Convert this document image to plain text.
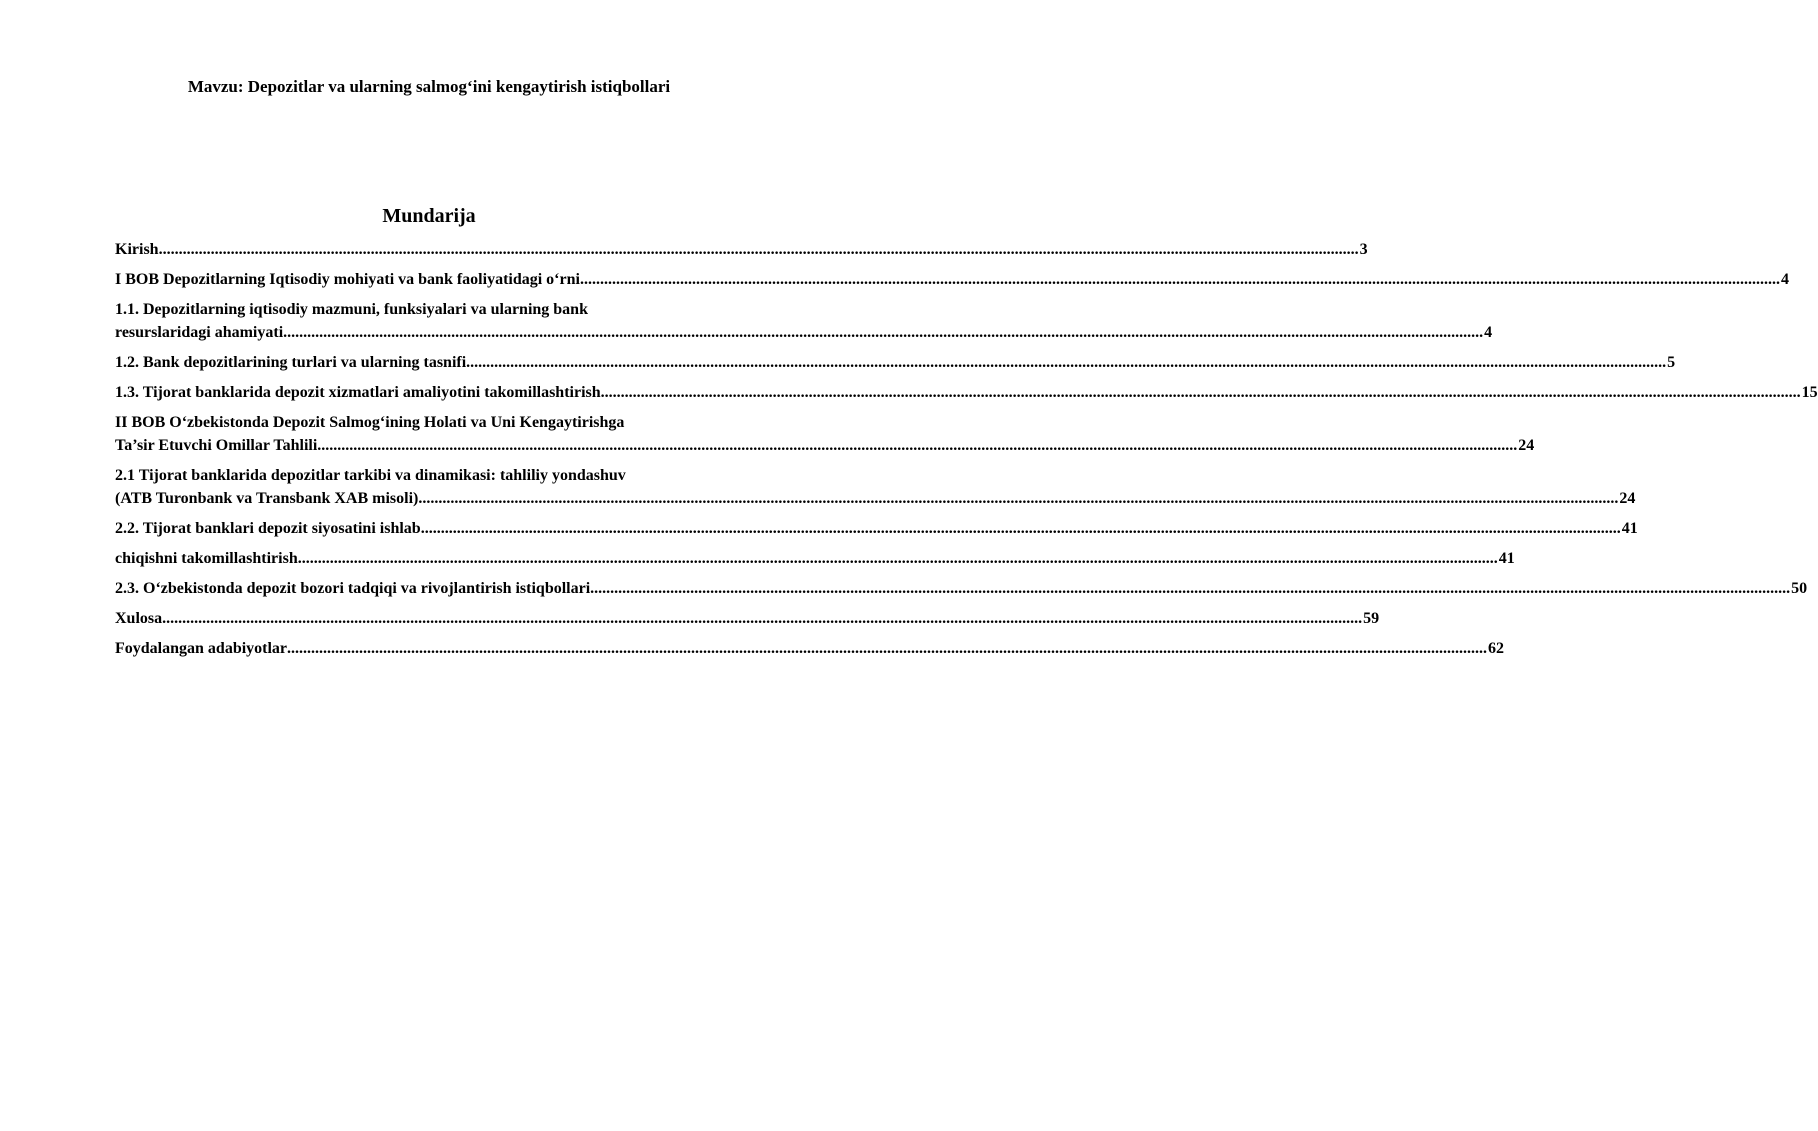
Mavzu: Depozitlar va ularning salmog‘ini kengaytirish istiqbollari
Mundarija
Kirish ............................................................................................................................................................................................................................................................................................................ 3
I BOB Depozitlarning Iqtisodiy mohiyati va bank faoliyatidagi o‘rni ............................................................................................................................................................................................................................................................................................................ 4
1.1. Depozitlarning iqtisodiy mazmuni, funksiyalari va ularning bank
resurslaridagi ahamiyati ............................................................................................................................................................................................................................................................................................................ 4
1.2. Bank depozitlarining turlari va ularning tasnifi ............................................................................................................................................................................................................................................................................................................ 5
1.3. Tijorat banklarida depozit xizmatlari amaliyotini takomillashtirish ............................................................................................................................................................................................................................................................................................................ 15
II BOB O‘zbekistonda Depozit Salmog‘ining Holati va Uni Kengaytirishga
Ta’sir Etuvchi Omillar Tahlili ............................................................................................................................................................................................................................................................................................................ 24
2.1 Tijorat banklarida depozitlar tarkibi va dinamikasi: tahliliy yondashuv
(ATB Turonbank va Transbank XAB misoli) ............................................................................................................................................................................................................................................................................................................ 24
2.2. Tijorat banklari depozit siyosatini ishlab ............................................................................................................................................................................................................................................................................................................ 41
chiqishni takomillashtirish ............................................................................................................................................................................................................................................................................................................ 41
2.3. O‘zbekistonda depozit bozori tadqiqi va rivojlantirish istiqbollari ............................................................................................................................................................................................................................................................................................................ 50
Xulosa ............................................................................................................................................................................................................................................................................................................ 59
Foydalangan adabiyotlar ............................................................................................................................................................................................................................................................................................................ 62
